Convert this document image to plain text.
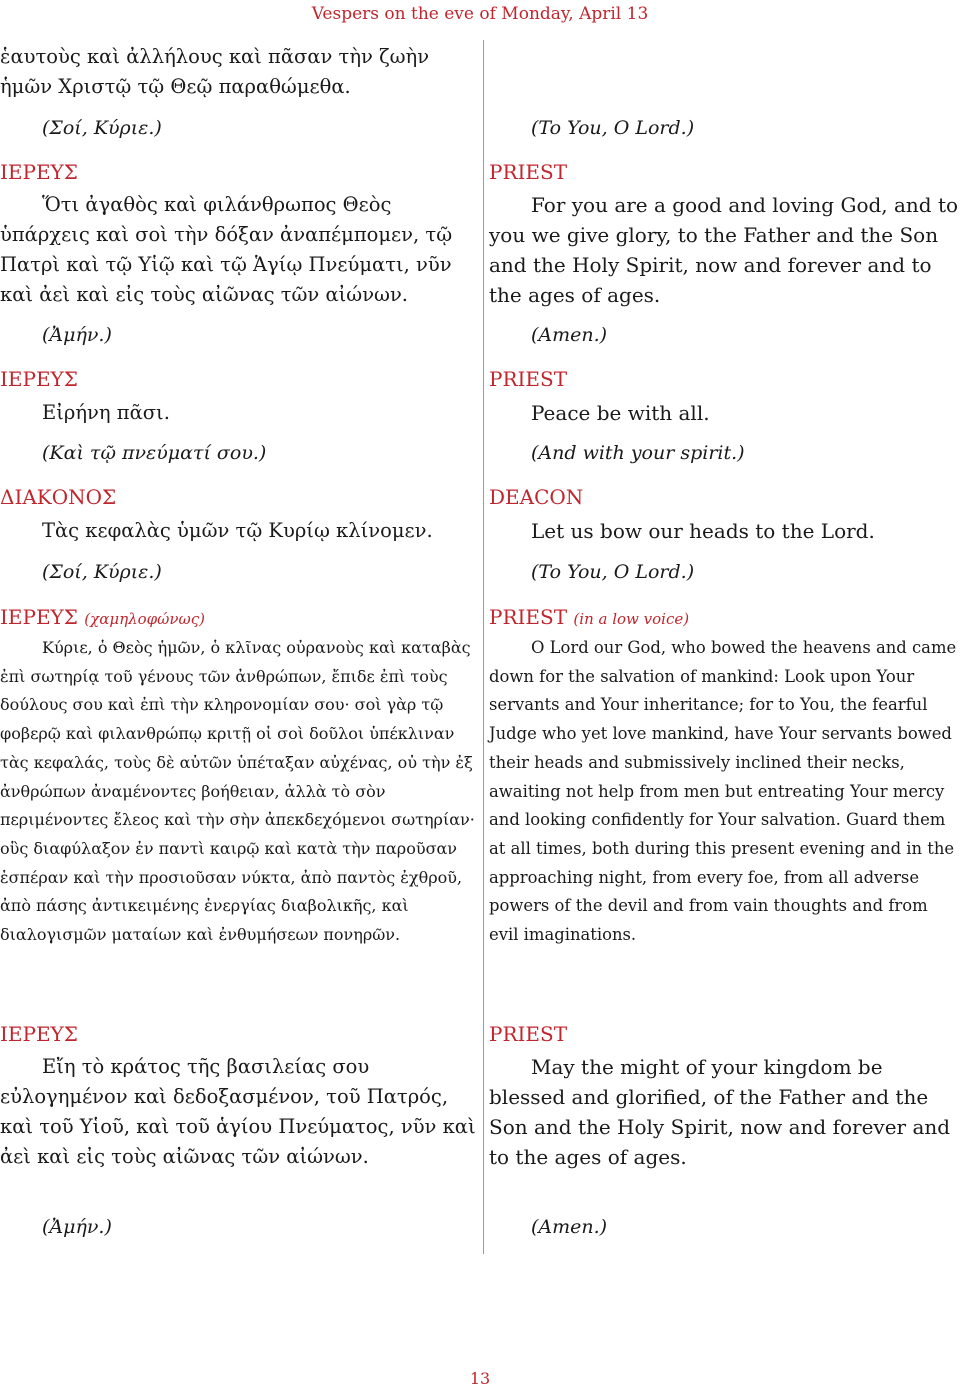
Vespers on the eve of Monday, April 13

ἑαυτοὺς καὶ ἀλλήλους καὶ πᾶσαν τὴν ζωὴν ἡμῶν Χριστῷ τῷ Θεῷ παραθώμεθα.

(Σοί, Κύριε.)

ΙΕΡΕΥΣ

Ὅτι ἀγαθὸς καὶ φιλάνθρωπος Θεὸς ὑπάρχεις καὶ σοὶ τὴν δόξαν ἀναπέμπομεν, τῷ Πατρὶ καὶ τῷ Υἱῷ καὶ τῷ Ἁγίῳ Πνεύματι, νῦν καὶ ἀεὶ καὶ εἰς τοὺς αἰῶνας τῶν αἰώνων.

(Ἀμήν.)

ΙΕΡΕΥΣ

Εἰρήνη πᾶσι.

(Καὶ τῷ πνεύματί σου.)

ΔΙΑΚΟΝΟΣ

Τὰς κεφαλὰς ὑμῶν τῷ Κυρίῳ κλίνομεν.

(Σοί, Κύριε.)

ΙΕΡΕΥΣ (χαμηλοφώνως)

Κύριε, ὁ Θεὸς ἡμῶν, ὁ κλῖνας οὐρανοὺς καὶ καταβὰς ἐπὶ σωτηρίᾳ τοῦ γένους τῶν ἀνθρώπων, ἔπιδε ἐπὶ τοὺς δούλους σου καὶ ἐπὶ τὴν κληρονομίαν σου· σοὶ γὰρ τῷ φοβερῷ καὶ φιλανθρώπῳ κριτῇ οἱ σοὶ δοῦλοι ὑπέκλιναν τὰς κεφαλάς, τοὺς δὲ αὐτῶν ὑπέταξαν αὐχένας, οὐ τὴν ἐξ ἀνθρώπων ἀναμένοντες βοήθειαν, ἀλλὰ τὸ σὸν περιμένοντες ἔλεος καὶ τὴν σὴν ἀπεκδεχόμενοι σωτηρίαν· οὓς διαφύλαξον ἐν παντὶ καιρῷ καὶ κατὰ τὴν παροῦσαν ἑσπέραν καὶ τὴν προσιοῦσαν νύκτα, ἀπὸ παντὸς ἐχθροῦ, ἀπὸ πάσης ἀντικειμένης ἐνεργίας διαβολικῆς, καὶ διαλογισμῶν ματαίων καὶ ἐνθυμήσεων πονηρῶν.

ΙΕΡΕΥΣ

Εἴη τὸ κράτος τῆς βασιλείας σου εὐλογημένον καὶ δεδοξασμένον, τοῦ Πατρός, καὶ τοῦ Υἱοῦ, καὶ τοῦ ἁγίου Πνεύματος, νῦν καὶ ἀεὶ καὶ εἰς τοὺς αἰῶνας τῶν αἰώνων.

(Ἀμήν.)

(To You, O Lord.)

PRIEST

For you are a good and loving God, and to you we give glory, to the Father and the Son and the Holy Spirit, now and forever and to the ages of ages.

(Amen.)

PRIEST

Peace be with all.

(And with your spirit.)

DEACON

Let us bow our heads to the Lord.

(To You, O Lord.)

PRIEST (in a low voice)

O Lord our God, who bowed the heavens and came down for the salvation of mankind: Look upon Your servants and Your inheritance; for to You, the fearful Judge who yet love mankind, have Your servants bowed their heads and submissively inclined their necks, awaiting not help from men but entreating Your mercy and looking confidently for Your salvation. Guard them at all times, both during this present evening and in the approaching night, from every foe, from all adverse powers of the devil and from vain thoughts and from evil imaginations.

PRIEST

May the might of your kingdom be blessed and glorified, of the Father and the Son and the Holy Spirit, now and forever and to the ages of ages.

(Amen.)

13
